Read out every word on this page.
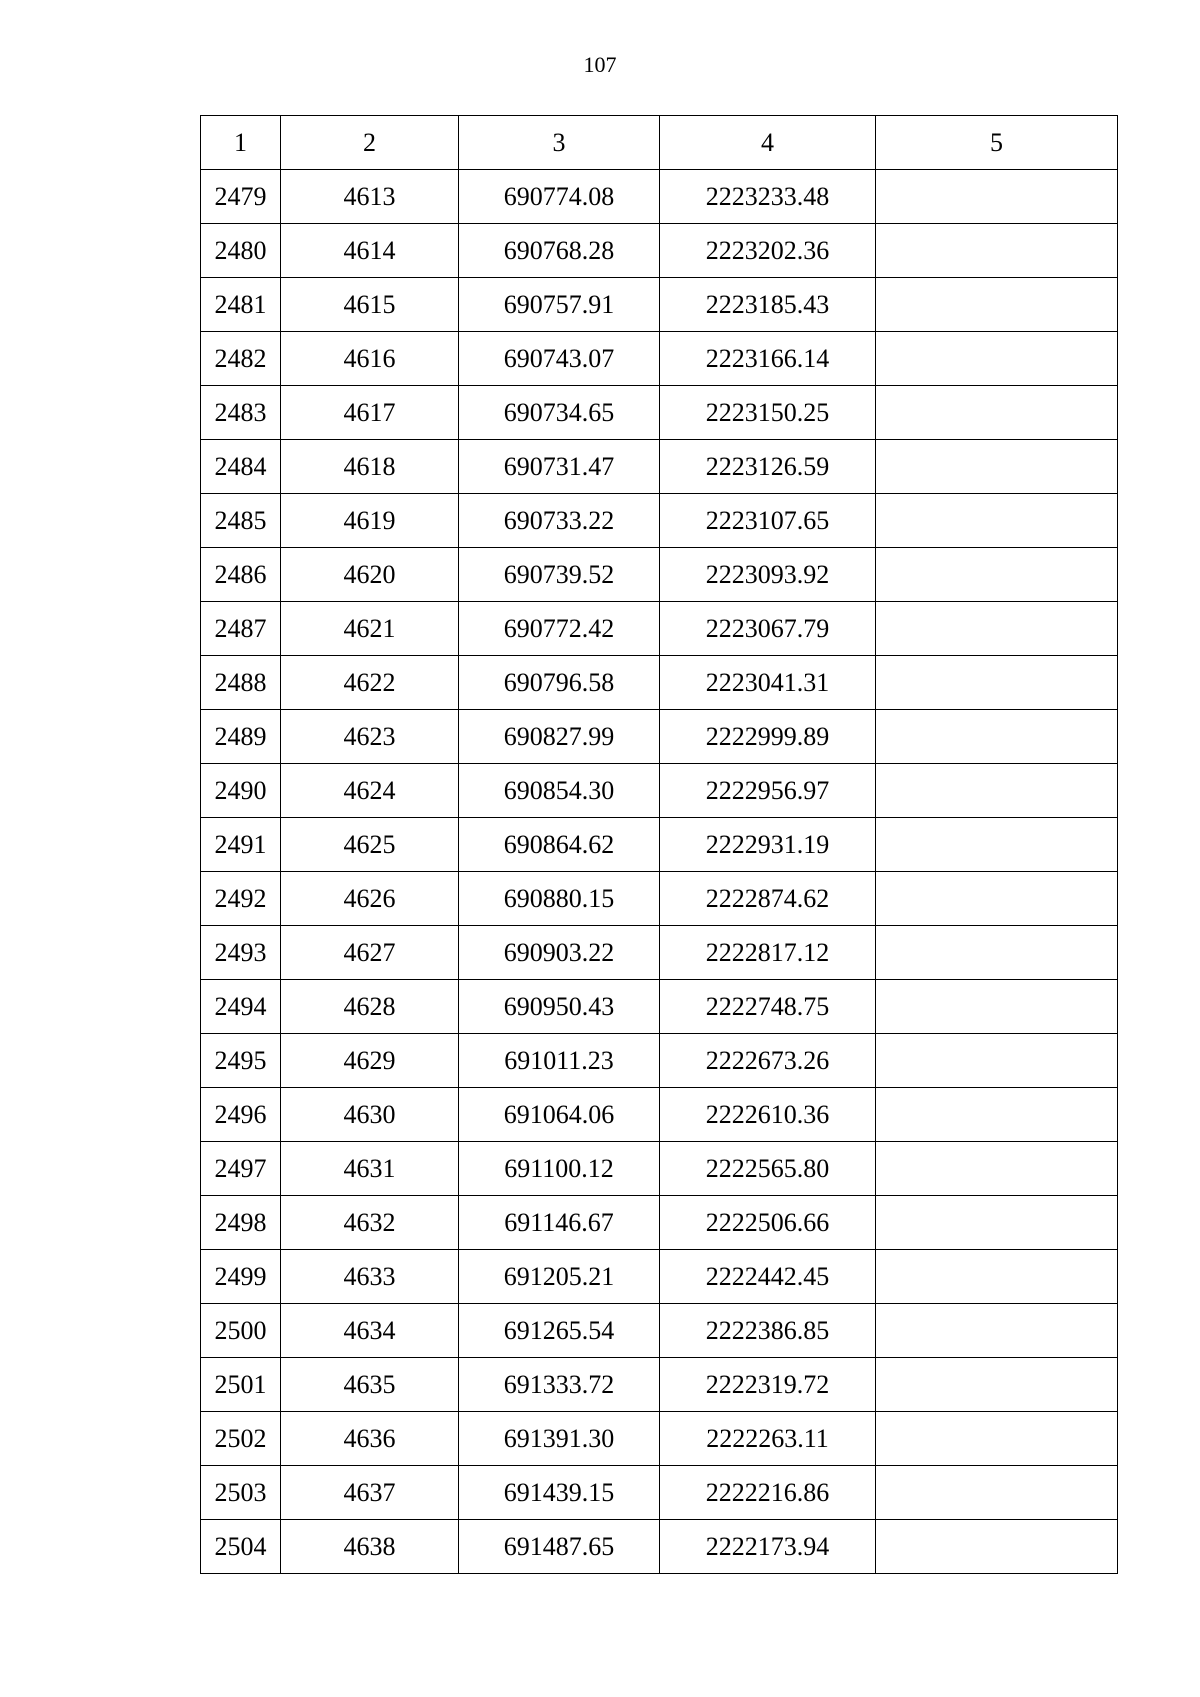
107
1	2	3	4	5
2479	4613	690774.08	2223233.48	
2480	4614	690768.28	2223202.36	
2481	4615	690757.91	2223185.43	
2482	4616	690743.07	2223166.14	
2483	4617	690734.65	2223150.25	
2484	4618	690731.47	2223126.59	
2485	4619	690733.22	2223107.65	
2486	4620	690739.52	2223093.92	
2487	4621	690772.42	2223067.79	
2488	4622	690796.58	2223041.31	
2489	4623	690827.99	2222999.89	
2490	4624	690854.30	2222956.97	
2491	4625	690864.62	2222931.19	
2492	4626	690880.15	2222874.62	
2493	4627	690903.22	2222817.12	
2494	4628	690950.43	2222748.75	
2495	4629	691011.23	2222673.26	
2496	4630	691064.06	2222610.36	
2497	4631	691100.12	2222565.80	
2498	4632	691146.67	2222506.66	
2499	4633	691205.21	2222442.45	
2500	4634	691265.54	2222386.85	
2501	4635	691333.72	2222319.72	
2502	4636	691391.30	2222263.11	
2503	4637	691439.15	2222216.86	
2504	4638	691487.65	2222173.94	
